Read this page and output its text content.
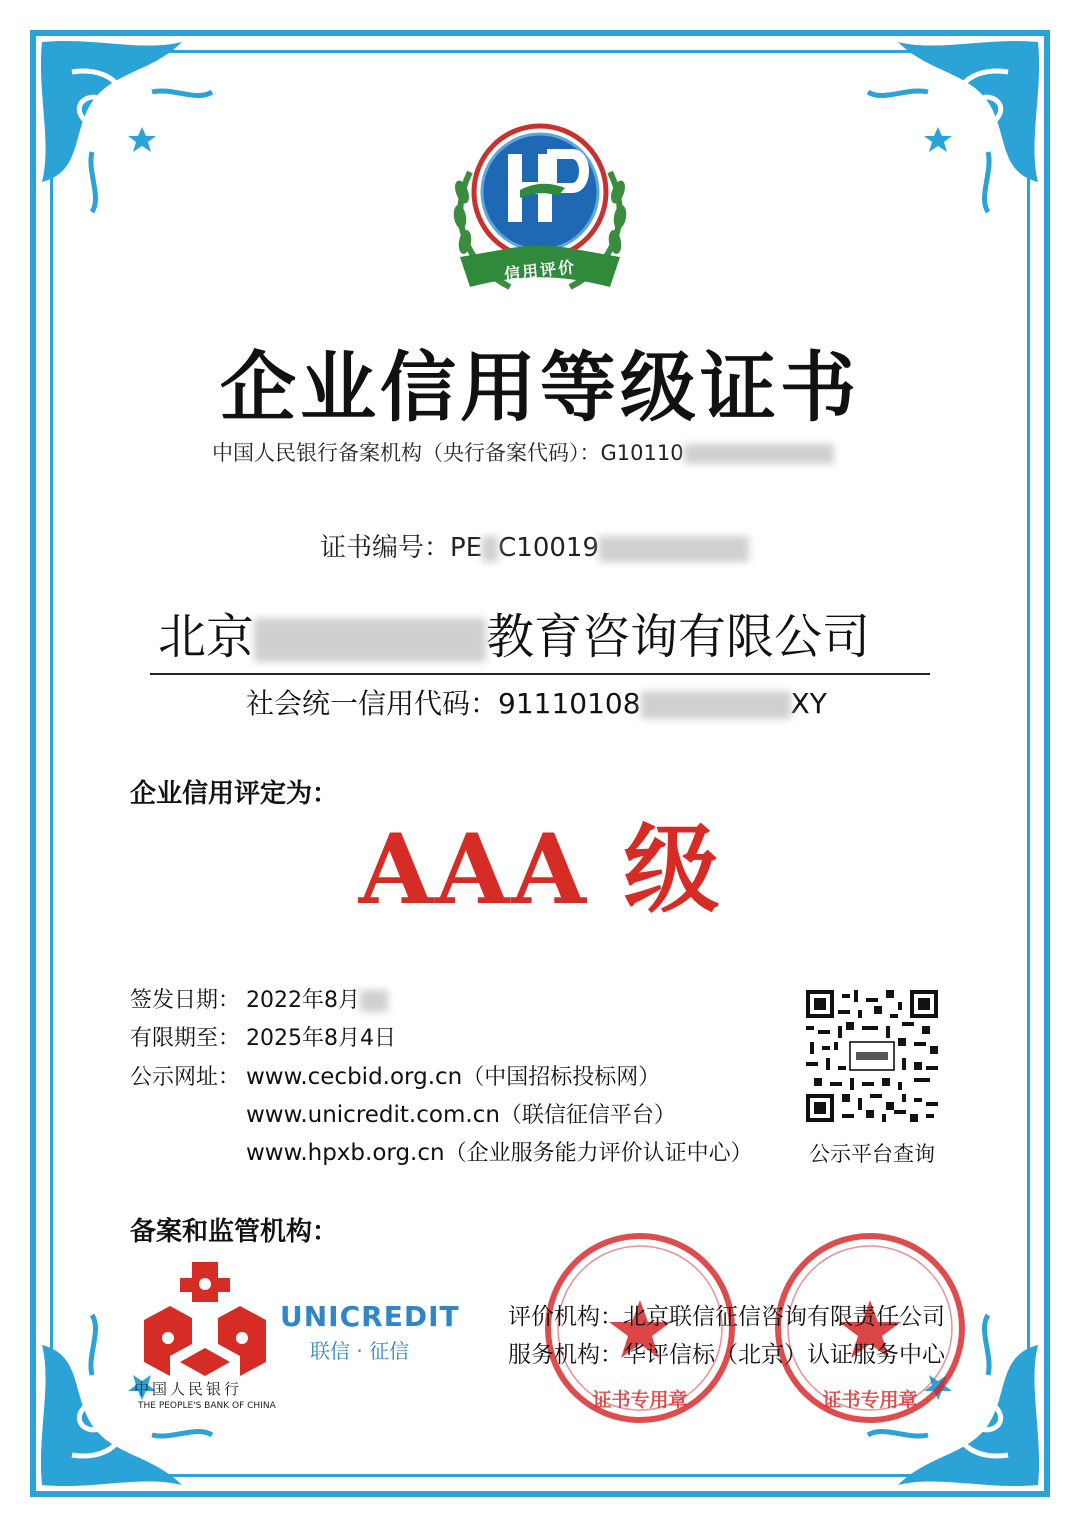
信用评价
企业信用等级证书
中国人民银行备案机构（央行备案代码）：G10110
证书编号：PE C10019
北京	教育咨询有限公司
社会统一信用代码：91110108	XY
企业信用评定为：
AAA 级
签发日期： 2022年8月
有限期至： 2025年8月4日
公示网址： www.cecbid.org.cn（中国招标投标网）
www.unicredit.com.cn（联信征信平台）
www.hpxb.org.cn（企业服务能力评价认证中心）	公示平台查询
备案和监管机构：
中国人民银行
THE PEOPLE'S BANK OF CHINA
UNICREDIT
联信 · 征信
证书专用章	证书专用章
评价机构：北京联信征信咨询有限责任公司
服务机构：华评信标（北京）认证服务中心
